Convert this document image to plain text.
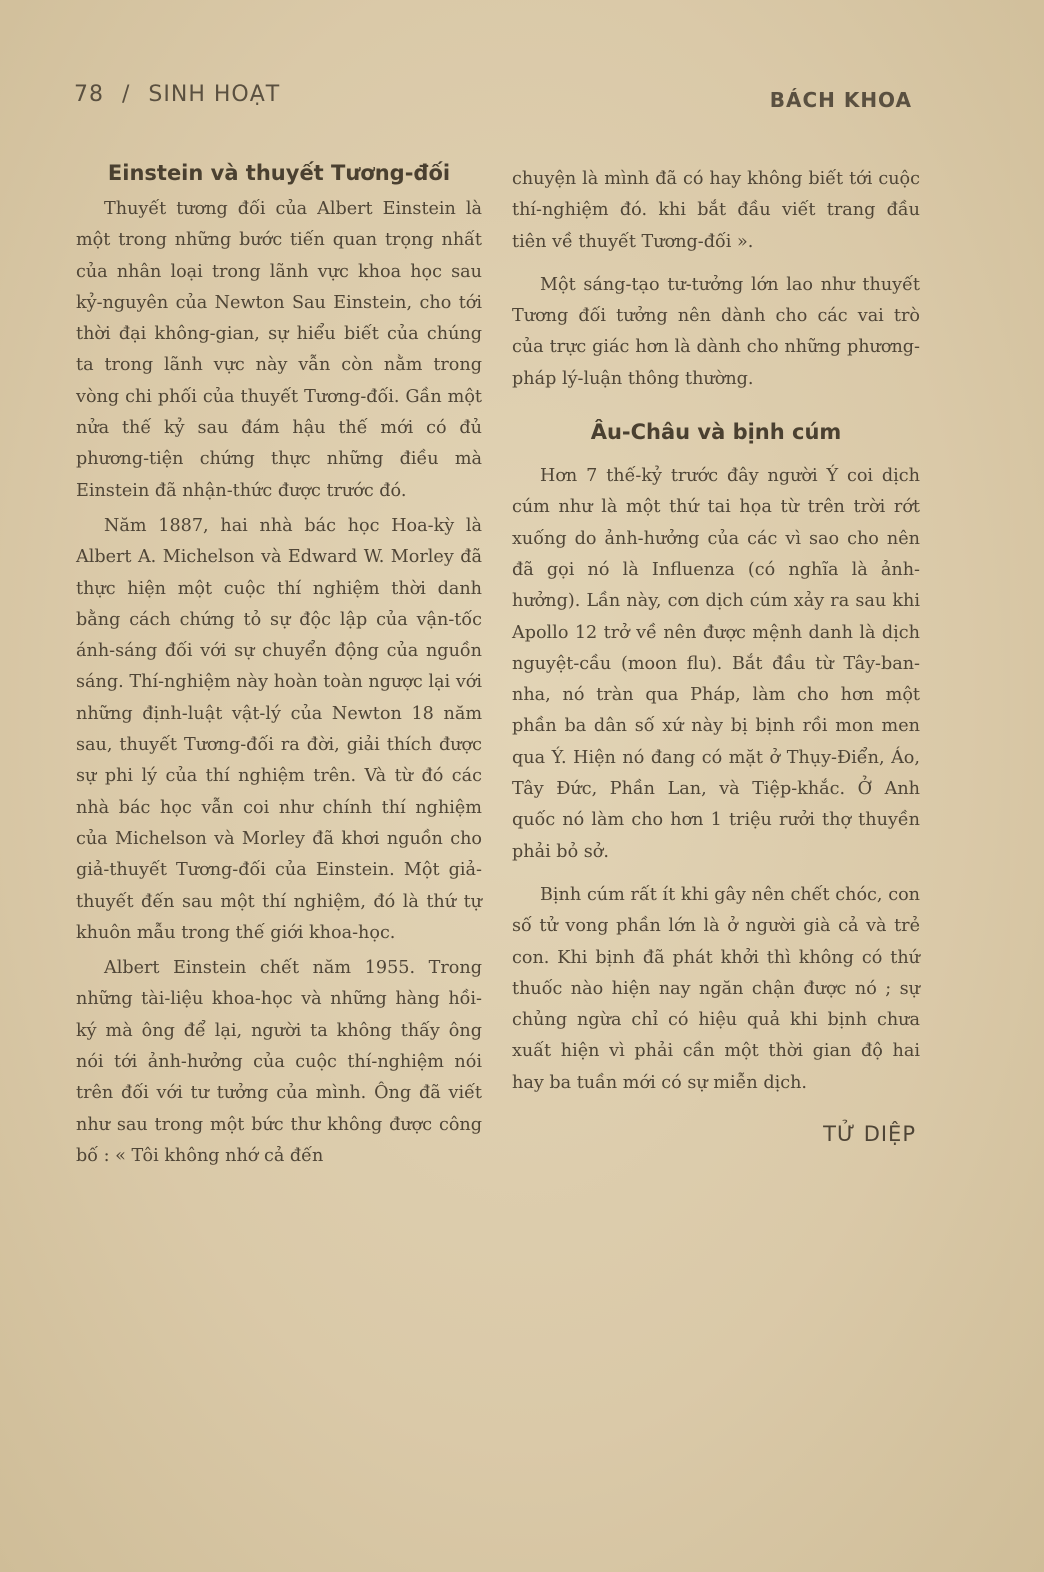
78 / SINH HOẠT	BÁCH KHOA
Einstein và thuyết Tương-đối

Thuyết tương đối của Albert Einstein là một trong những bước tiến quan trọng nhất của nhân loại trong lãnh vực khoa học sau kỷ-nguyên của Newton Sau Einstein, cho tới thời đại không-gian, sự hiểu biết của chúng ta trong lãnh vực này vẫn còn nằm trong vòng chi phối của thuyết Tương-đối. Gần một nửa thế kỷ sau đám hậu thế mới có đủ phương-tiện chứng thực những điều mà Einstein đã nhận-thức được trước đó.

Năm 1887, hai nhà bác học Hoa-kỳ là Albert A. Michelson và Edward W. Morley đã thực hiện một cuộc thí nghiệm thời danh bằng cách chứng tỏ sự độc lập của vận-tốc ánh-sáng đối với sự chuyển động của nguồn sáng. Thí-nghiệm này hoàn toàn ngược lại với những định-luật vật-lý của Newton 18 năm sau, thuyết Tương-đối ra đời, giải thích được sự phi lý của thí nghiệm trên. Và từ đó các nhà bác học vẫn coi như chính thí nghiệm của Michelson và Morley đã khơi nguồn cho giả-thuyết Tương-đối của Einstein. Một giả-thuyết đến sau một thí nghiệm, đó là thứ tự khuôn mẫu trong thế giới khoa-học.

Albert Einstein chết năm 1955. Trong những tài-liệu khoa-học và những hàng hồi-ký mà ông để lại, người ta không thấy ông nói tới ảnh-hưởng của cuộc thí-nghiệm nói trên đối với tư tưởng của mình. Ông đã viết như sau trong một bức thư không được công bố : « Tôi không nhớ cả đến

chuyện là mình đã có hay không biết tới cuộc thí-nghiệm đó. khi bắt đầu viết trang đầu tiên về thuyết Tương-đối ».

Một sáng-tạo tư-tưởng lớn lao như thuyết Tương đối tưởng nên dành cho các vai trò của trực giác hơn là dành cho những phương-pháp lý-luận thông thường.

Âu-Châu và bịnh cúm

Hơn 7 thế-kỷ trước đây người Ý coi dịch cúm như là một thứ tai họa từ trên trời rớt xuống do ảnh-hưởng của các vì sao cho nên đã gọi nó là Influenza (có nghĩa là ảnh-hưởng). Lần này, cơn dịch cúm xảy ra sau khi Apollo 12 trở về nên được mệnh danh là dịch nguyệt-cầu (moon flu). Bắt đầu từ Tây-ban-nha, nó tràn qua Pháp, làm cho hơn một phần ba dân số xứ này bị bịnh rồi mon men qua Ý. Hiện nó đang có mặt ở Thụy-Điển, Áo, Tây Đức, Phần Lan, và Tiệp-khắc. Ở Anh quốc nó làm cho hơn 1 triệu rưởi thợ thuyền phải bỏ sở.

Bịnh cúm rất ít khi gây nên chết chóc, con số tử vong phần lớn là ở người già cả và trẻ con. Khi bịnh đã phát khởi thì không có thứ thuốc nào hiện nay ngăn chận được nó ; sự chủng ngừa chỉ có hiệu quả khi bịnh chưa xuất hiện vì phải cần một thời gian độ hai hay ba tuần mới có sự miễn dịch.

TỬ DIỆP
